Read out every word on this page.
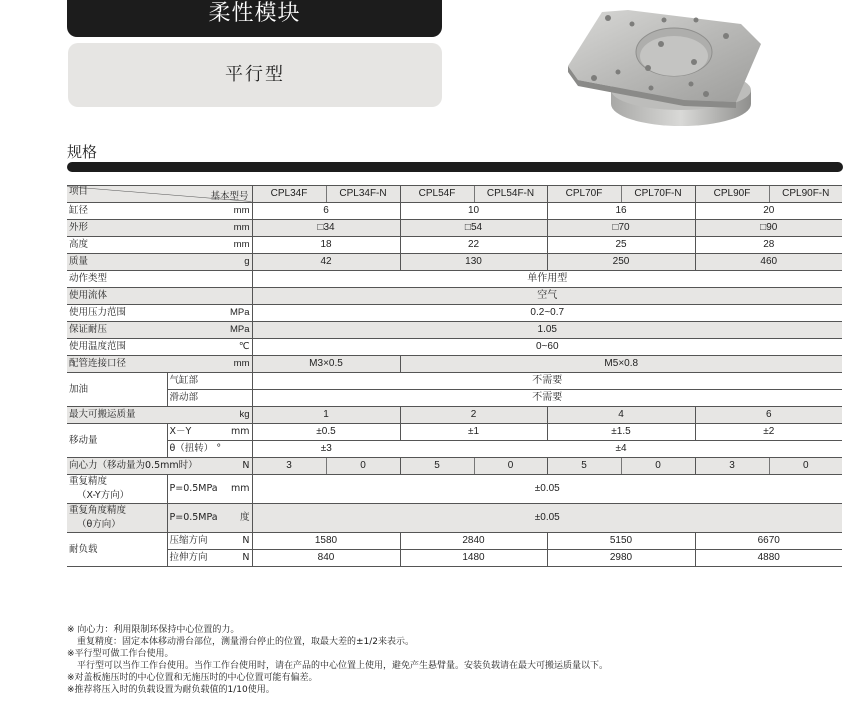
柔性模块
平行型
规格
基本型号
项目		CPL34F	CPL34F-N	CPL54F	CPL54F-N	CPL70F	CPL70F-N	CPL90F	CPL90F-N
缸径	mm	6		10		16		20	
外形	mm	□34		□54		□70		□90	
高度	mm	18		22		25		28	
质量	g	42		130		250		460	
动作类型		单作用型							
使用流体		空气							
使用压力范围	MPa	0.2~0.7							
保证耐压	MPa	1.05							
使用温度范围	℃	0~60							
配管连接口径	mm	M3×0.5		M5×0.8					
加油	气缸部	不需要							
	滑动部	不需要							
最大可搬运质量	kg	1		2		4		6	
移动量	X－Y mm	±0.5		±1		±1.5		±2	
	θ（扭转） °	±3		±4					
向心力（移动量为0.5mm时） N		3	0	5	0	5	0	3	0

重复精度
（X-Y方向）	P=0.5MPa mm	±0.05							

重复角度精度
（θ方向）	P=0.5MPa 度	±0.05							
耐负载	压缩方向 N	1580		2840		5150		6670	
	拉伸方向 N	840		1480		2980		4880	
※ 向心力：利用限制环保持中心位置的力。
重复精度：固定本体移动滑台部位，测量滑台停止的位置，取最大差的±1/2来表示。
※平行型可做工作台使用。
平行型可以当作工作台使用。当作工作台使用时，请在产品的中心位置上使用，避免产生悬臂量。安装负载请在最大可搬运质量以下。
※对盖板施压时的中心位置和无施压时的中心位置可能有偏差。
※推荐将压入时的负载设置为耐负载值的1/10使用。
